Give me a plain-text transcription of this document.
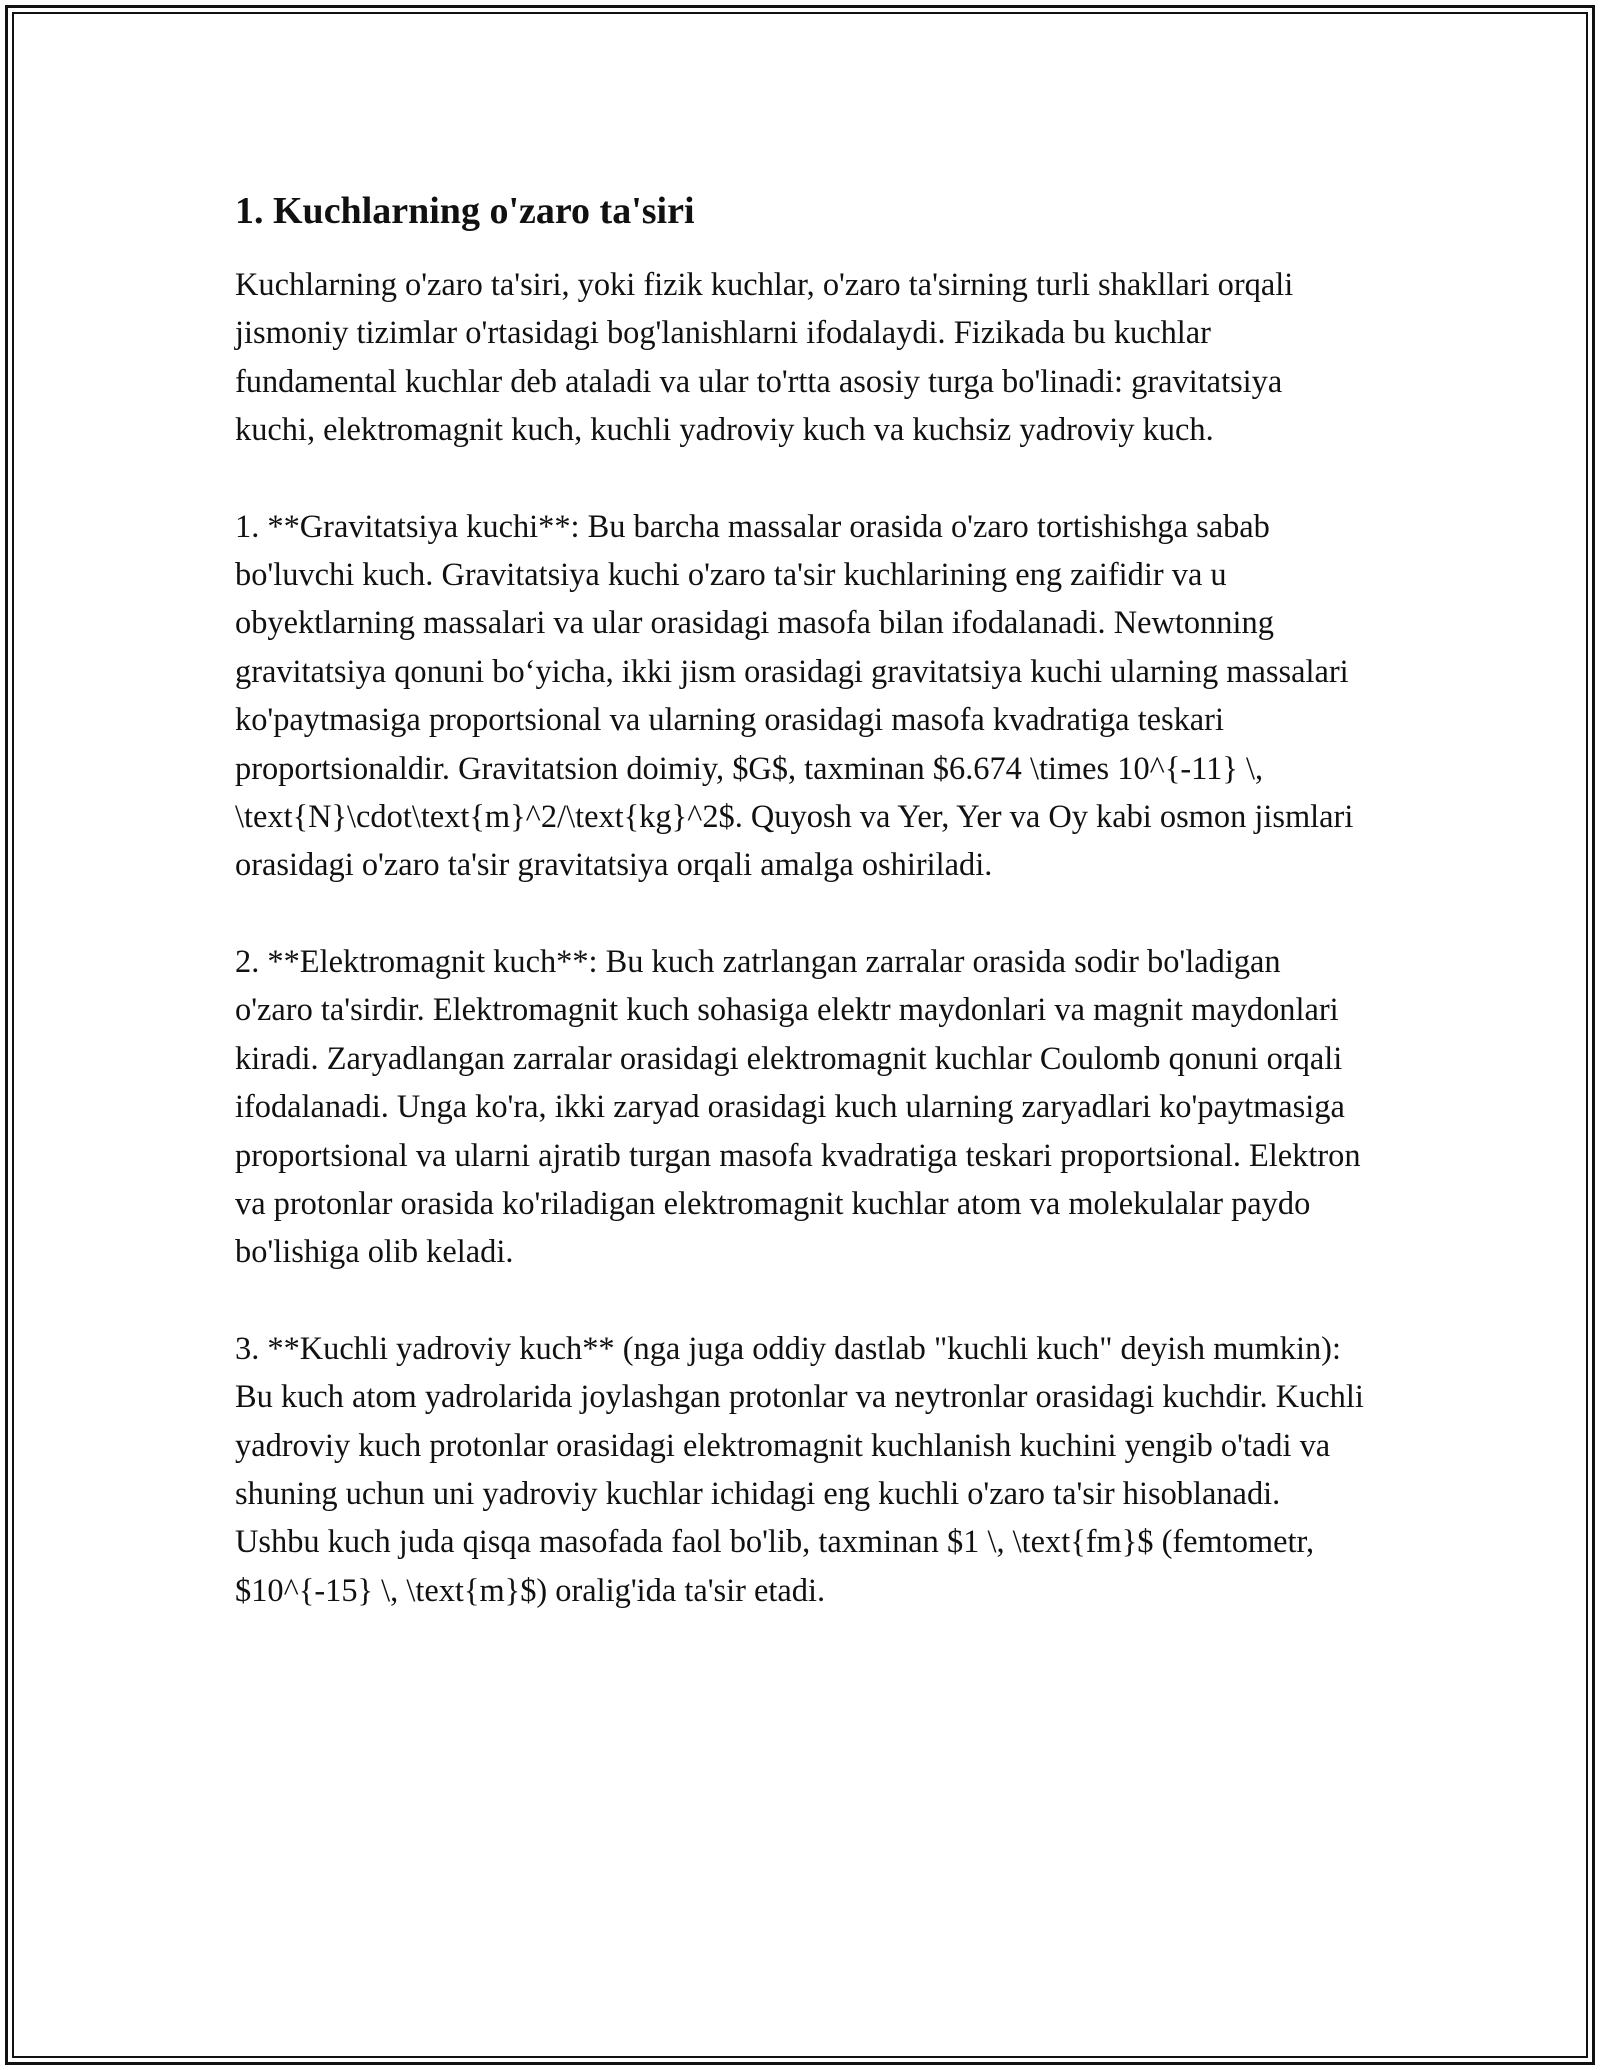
1. Kuchlarning o'zaro ta'siri

Kuchlarning o'zaro ta'siri, yoki fizik kuchlar, o'zaro ta'sirning turli shakllari orqali jismoniy tizimlar o'rtasidagi bog'lanishlarni ifodalaydi. Fizikada bu kuchlar fundamental kuchlar deb ataladi va ular to'rtta asosiy turga bo'linadi: gravitatsiya kuchi, elektromagnit kuch, kuchli yadroviy kuch va kuchsiz yadroviy kuch.

1. **Gravitatsiya kuchi**: Bu barcha massalar orasida o'zaro tortishishga sabab bo'luvchi kuch. Gravitatsiya kuchi o'zaro ta'sir kuchlarining eng zaifidir va u obyektlarning massalari va ular orasidagi masofa bilan ifodalanadi. Newtonning gravitatsiya qonuni bo‘yicha, ikki jism orasidagi gravitatsiya kuchi ularning massalari ko'paytmasiga proportsional va ularning orasidagi masofa kvadratiga teskari proportsionaldir. Gravitatsion doimiy, $G$, taxminan $6.674 \times 10^{-11} \, \text{N}\cdot\text{m}^2/\text{kg}^2$. Quyosh va Yer, Yer va Oy kabi osmon jismlari orasidagi o'zaro ta'sir gravitatsiya orqali amalga oshiriladi.

2. **Elektromagnit kuch**: Bu kuch zatrlangan zarralar orasida sodir bo'ladigan o'zaro ta'sirdir. Elektromagnit kuch sohasiga elektr maydonlari va magnit maydonlari kiradi. Zaryadlangan zarralar orasidagi elektromagnit kuchlar Coulomb qonuni orqali ifodalanadi. Unga ko'ra, ikki zaryad orasidagi kuch ularning zaryadlari ko'paytmasiga proportsional va ularni ajratib turgan masofa kvadratiga teskari proportsional. Elektron va protonlar orasida ko'riladigan elektromagnit kuchlar atom va molekulalar paydo bo'lishiga olib keladi.

3. **Kuchli yadroviy kuch** (nga juga oddiy dastlab "kuchli kuch" deyish mumkin): Bu kuch atom yadrolarida joylashgan protonlar va neytronlar orasidagi kuchdir. Kuchli yadroviy kuch protonlar orasidagi elektromagnit kuchlanish kuchini yengib o'tadi va shuning uchun uni yadroviy kuchlar ichidagi eng kuchli o'zaro ta'sir hisoblanadi. Ushbu kuch juda qisqa masofada faol bo'lib, taxminan $1 \, \text{fm}$ (femtometr, $10^{-15} \, \text{m}$) oralig'ida ta'sir etadi.
